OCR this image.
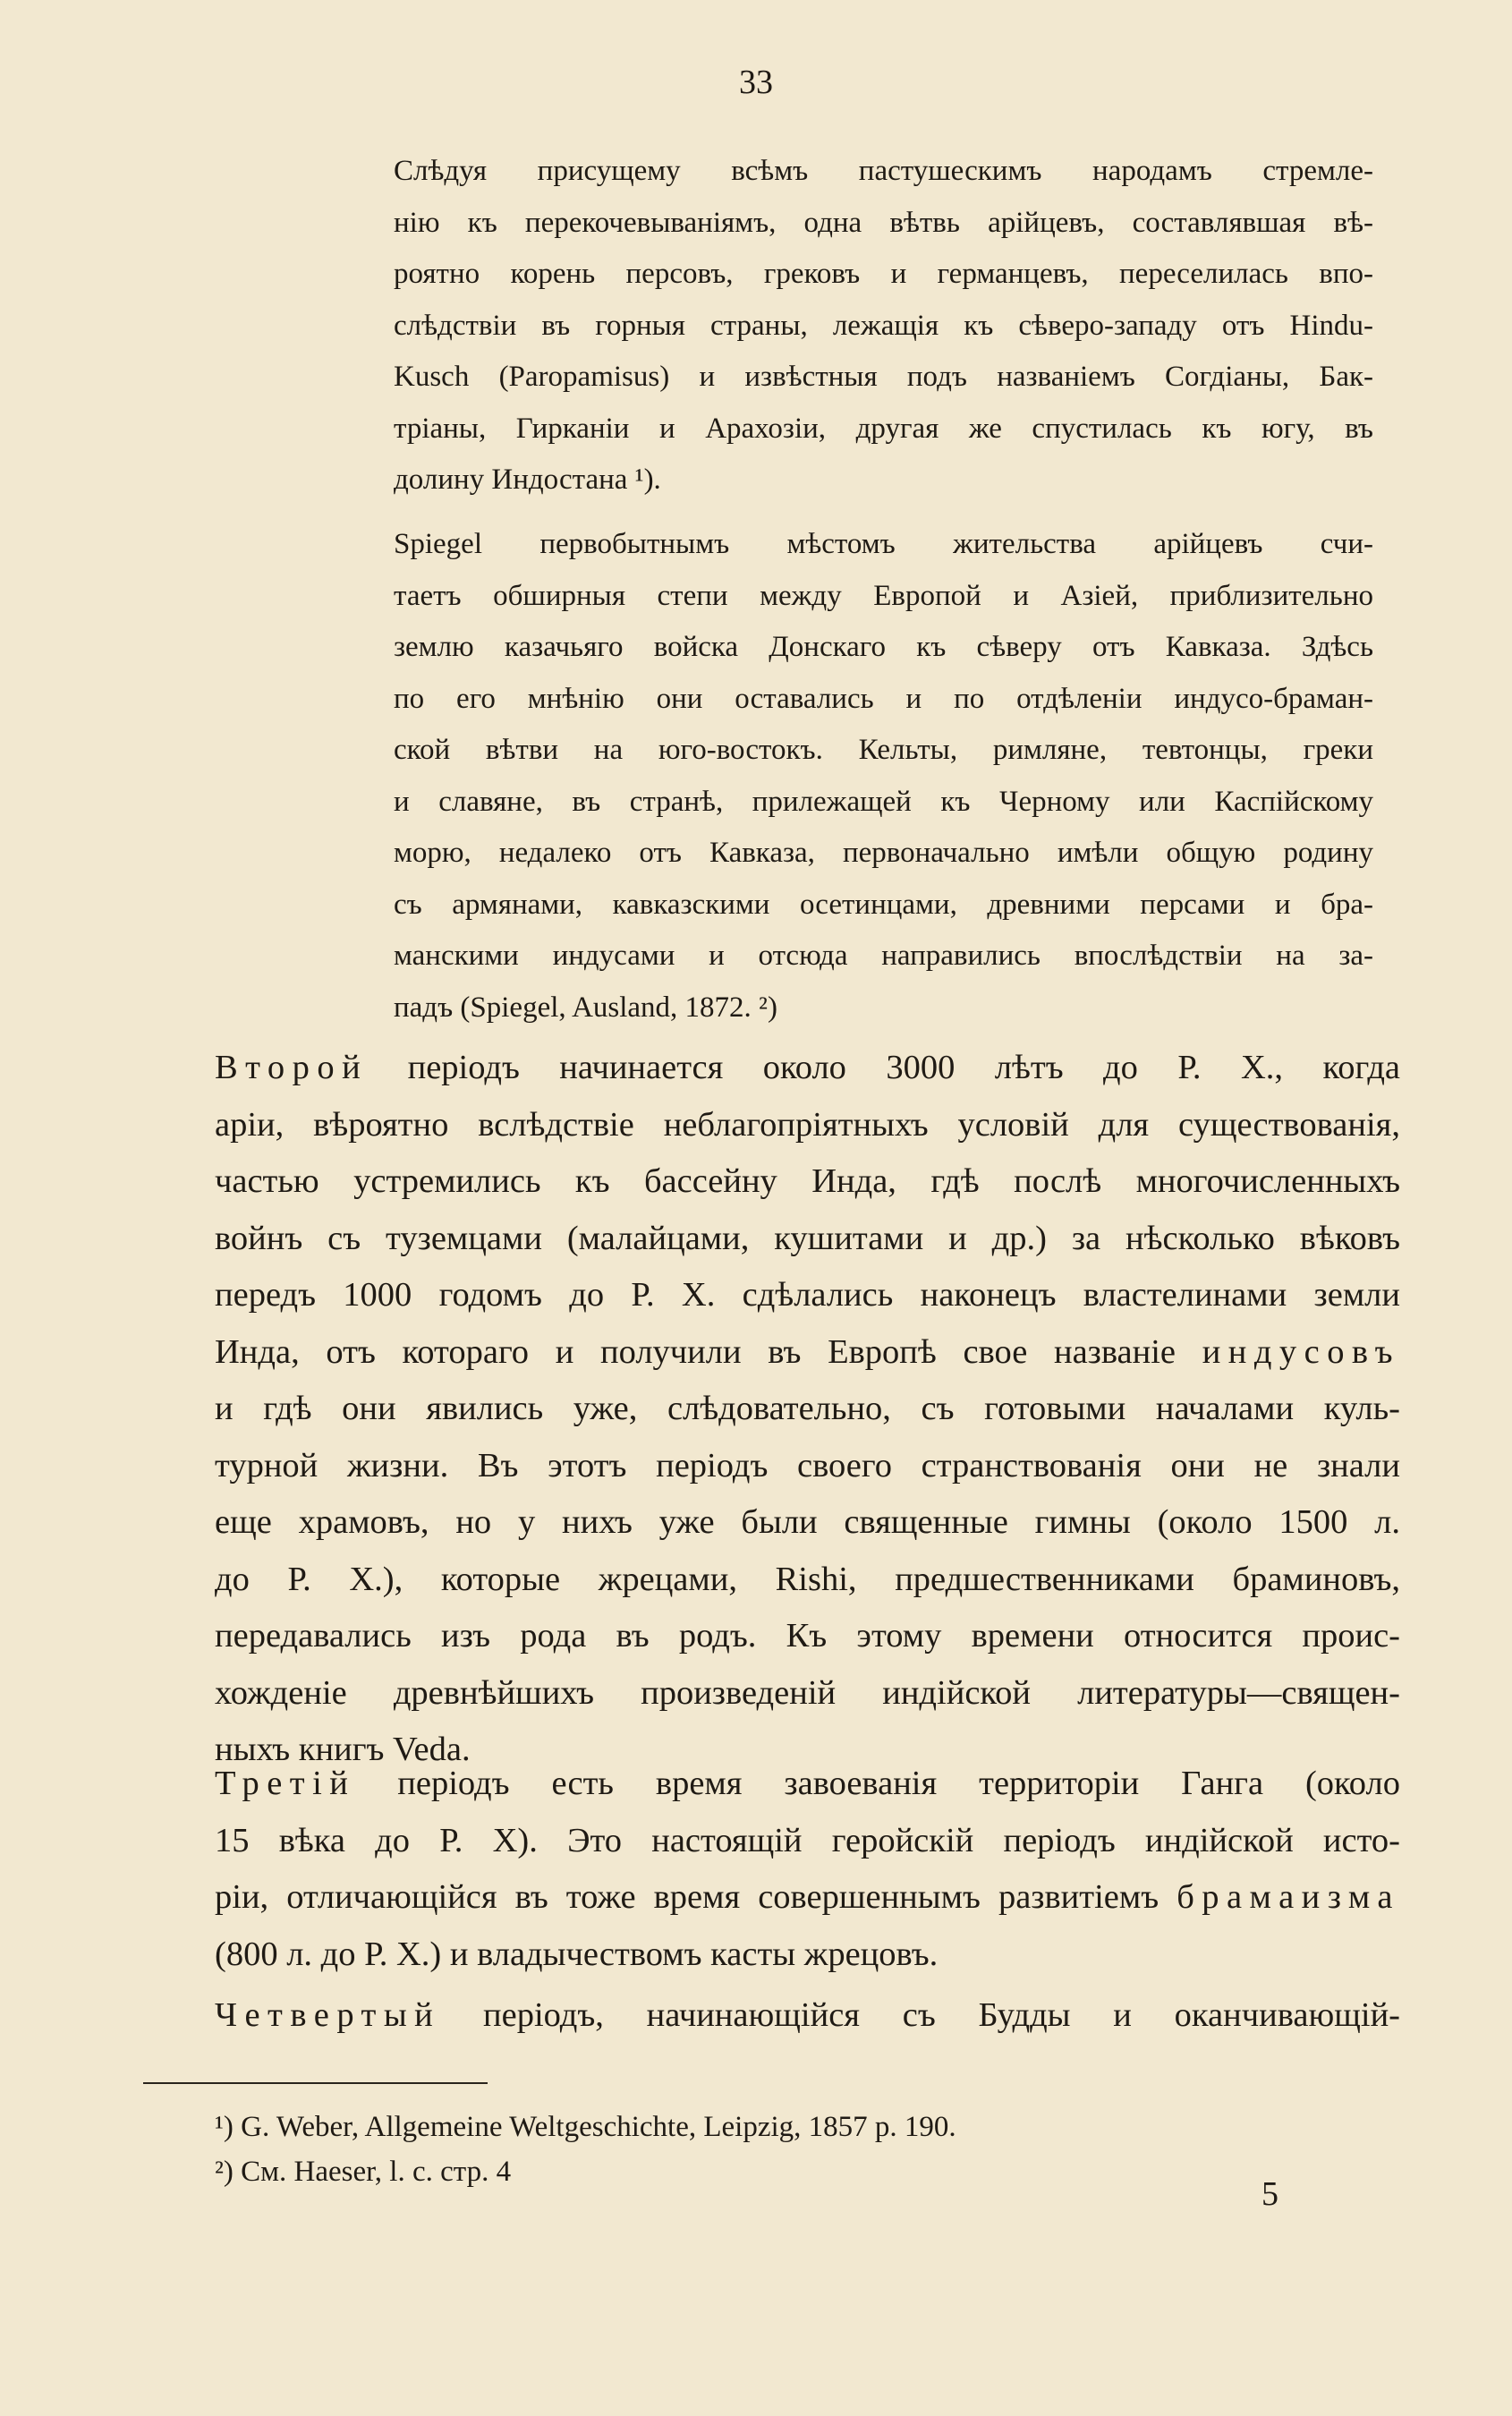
33
Слѣдуя присущему всѣмъ пастушескимъ народамъ стремле-
нію къ перекочевываніямъ, одна вѣтвь арійцевъ, составлявшая вѣ-
роятно корень персовъ, грековъ и германцевъ, переселилась впо-
слѣдствіи въ горныя страны, лежащія къ сѣверо-западу отъ Hindu-
Kusch (Paropamisus) и извѣстныя подъ названіемъ Согдіаны, Бак-
тріаны, Гирканіи и Арахозіи, другая же спустилась къ югу, въ
долину Индостана ¹).
Spiegel первобытнымъ мѣстомъ жительства арійцевъ счи-
таетъ обширныя степи между Европой и Азіей, приблизительно
землю казачьяго войска Донскаго къ сѣверу отъ Кавказа. Здѣсь
по его мнѣнію они оставались и по отдѣленіи индусо-браман-
ской вѣтви на юго-востокъ. Кельты, римляне, тевтонцы, греки
и славяне, въ странѣ, прилежащей къ Черному или Каспійскому
морю, недалеко отъ Кавказа, первоначально имѣли общую родину
съ армянами, кавказскими осетинцами, древними персами и бра-
манскими индусами и отсюда направились впослѣдствіи на за-
падъ (Spiegel, Ausland, 1872. ²)
Второй періодъ начинается около 3000 лѣтъ до Р. Х., когда
аріи, вѣроятно вслѣдствіе неблагопріятныхъ условій для существованія,
частью устремились къ бассейну Инда, гдѣ послѣ многочисленныхъ
войнъ съ туземцами (малайцами, кушитами и др.) за нѣсколько вѣковъ
передъ 1000 годомъ до Р. Х. сдѣлались наконецъ властелинами земли
Инда, отъ котораго и получили въ Европѣ свое названіе индусовъ
и гдѣ они явились уже, слѣдовательно, съ готовыми началами куль-
турной жизни. Въ этотъ періодъ своего странствованія они не знали
еще храмовъ, но у нихъ уже были священные гимны (около 1500 л.
до Р. Х.), которые жрецами, Rishi, предшественниками браминовъ,
передавались изъ рода въ родъ. Къ этому времени относится проис-
хожденіе древнѣйшихъ произведеній индійской литературы—священ-
ныхъ книгъ Veda.
Третій періодъ есть время завоеванія территоріи Ганга (около
15 вѣка до Р. Х). Это настоящій геройскій періодъ индійской исто-
ріи, отличающійся въ тоже время совершеннымъ развитіемъ брамаизма
(800 л. до Р. Х.) и владычествомъ касты жрецовъ.
Четвертый періодъ, начинающійся съ Будды и оканчивающій-
¹) G. Weber, Allgemeine Weltgeschichte, Leipzig, 1857 p. 190.
²) См. Haeser, l. c. стр. 4
5
